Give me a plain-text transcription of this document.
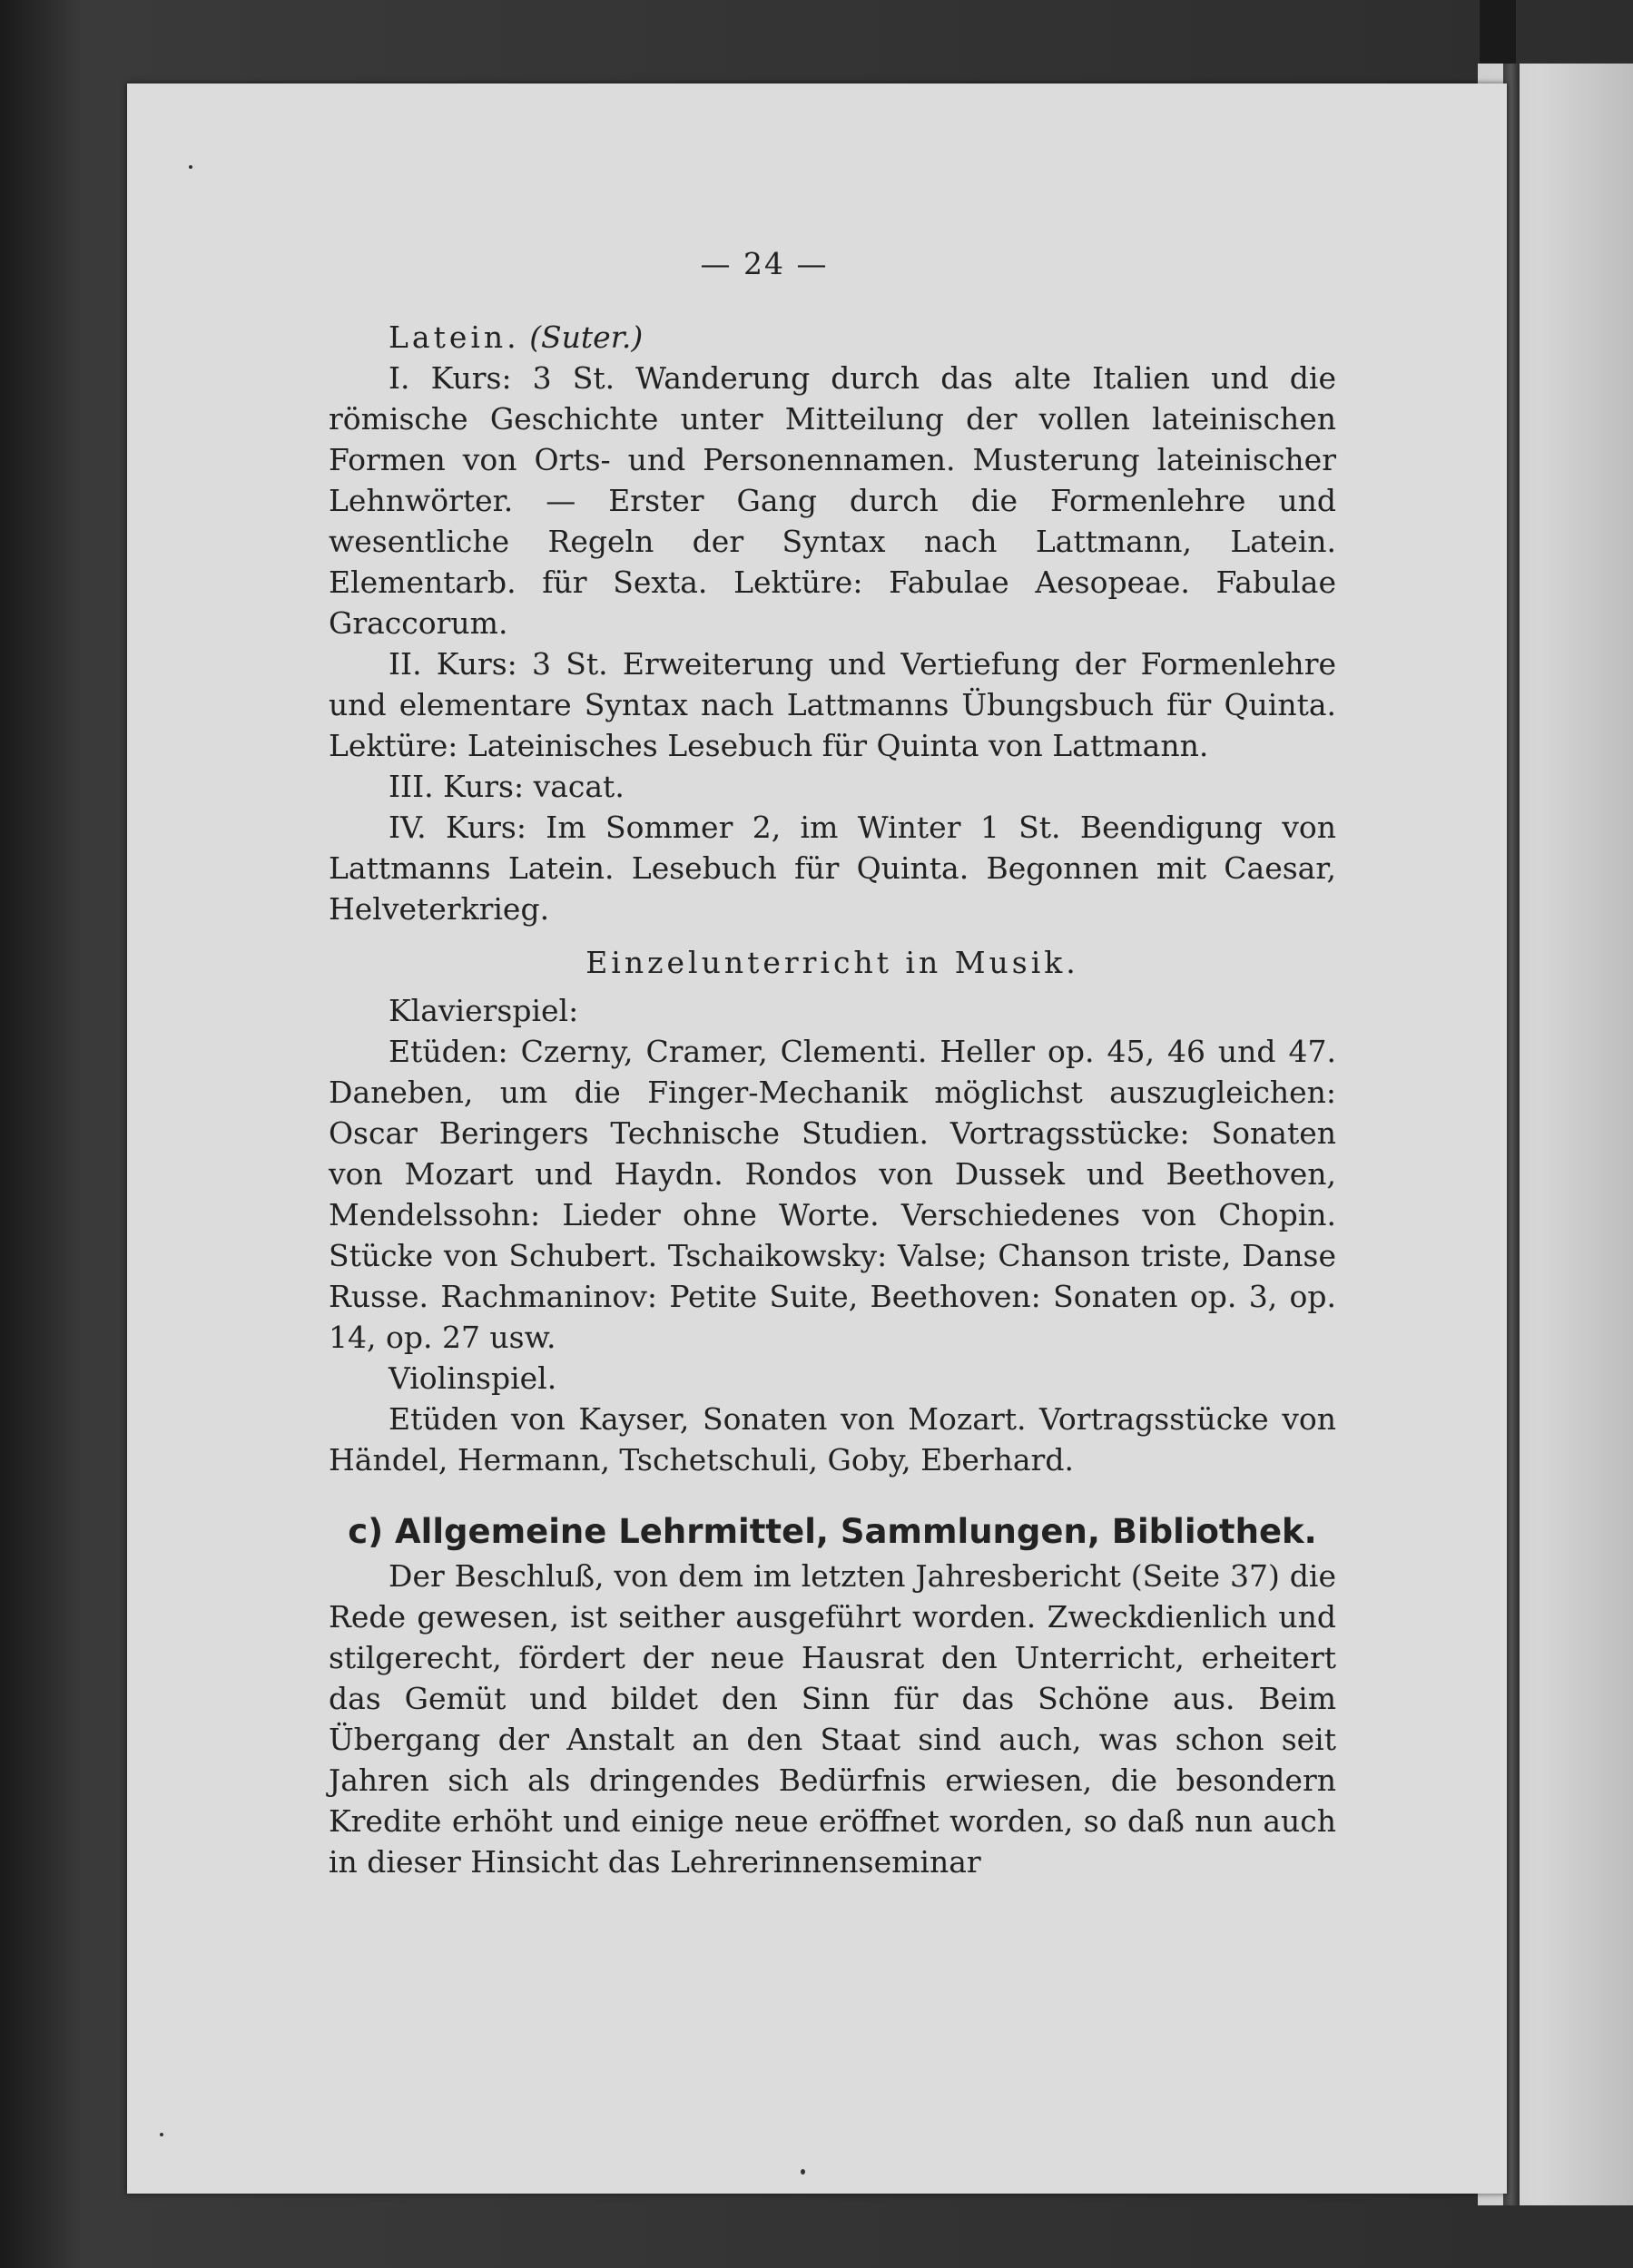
— 24 —
Latein. (Suter.)

I. Kurs: 3 St. Wanderung durch das alte Italien und die römische Geschichte unter Mitteilung der vollen lateinischen Formen von Orts- und Personennamen. Musterung lateinischer Lehnwörter. — Erster Gang durch die Formenlehre und wesentliche Regeln der Syntax nach Lattmann, Latein. Elementarb. für Sexta. Lektüre: Fabulae Aesopeae. Fabulae Graccorum.

II. Kurs: 3 St. Erweiterung und Vertiefung der Formenlehre und elementare Syntax nach Lattmanns Übungsbuch für Quinta. Lektüre: Lateinisches Lesebuch für Quinta von Lattmann.

III. Kurs: vacat.

IV. Kurs: Im Sommer 2, im Winter 1 St. Beendigung von Lattmanns Latein. Lesebuch für Quinta. Begonnen mit Caesar, Helveterkrieg.

Einzelunterricht in Musik.

Klavierspiel:

Etüden: Czerny, Cramer, Clementi. Heller op. 45, 46 und 47. Daneben, um die Finger-Mechanik möglichst auszugleichen: Oscar Beringers Technische Studien. Vortragsstücke: Sonaten von Mozart und Haydn. Rondos von Dussek und Beethoven, Mendelssohn: Lieder ohne Worte. Verschiedenes von Chopin. Stücke von Schubert. Tschaikowsky: Valse; Chanson triste, Danse Russe. Rachmaninov: Petite Suite, Beethoven: Sonaten op. 3, op. 14, op. 27 usw.

Violinspiel.

Etüden von Kayser, Sonaten von Mozart. Vortragsstücke von Händel, Hermann, Tschetschuli, Goby, Eberhard.

c) Allgemeine Lehrmittel, Sammlungen, Bibliothek.

Der Beschluß, von dem im letzten Jahresbericht (Seite 37) die Rede gewesen, ist seither ausgeführt worden. Zweckdienlich und stilgerecht, fördert der neue Hausrat den Unterricht, erheitert das Gemüt und bildet den Sinn für das Schöne aus. Beim Übergang der Anstalt an den Staat sind auch, was schon seit Jahren sich als dringendes Bedürfnis erwiesen, die besondern Kredite erhöht und einige neue eröffnet worden, so daß nun auch in dieser Hinsicht das Lehrerinnenseminar
